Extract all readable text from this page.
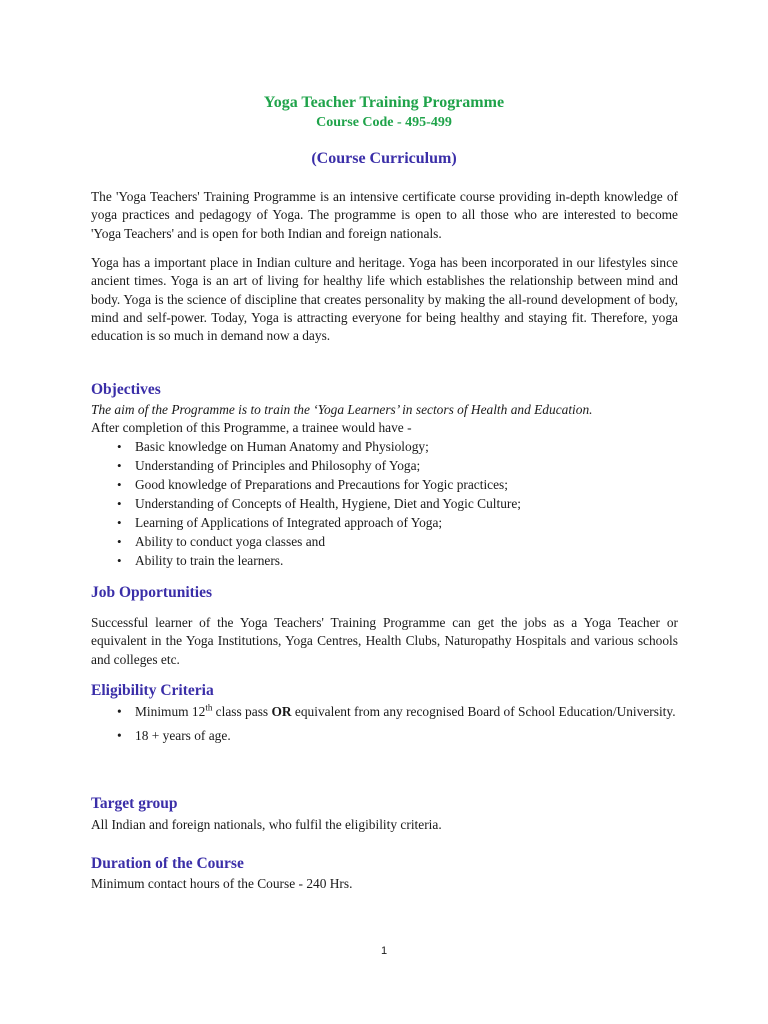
Yoga Teacher Training Programme
Course Code - 495-499
(Course Curriculum)

The 'Yoga Teachers' Training Programme is an intensive certificate course providing in-depth knowledge of yoga practices and pedagogy of Yoga. The programme is open to all those who are interested to become 'Yoga Teachers' and is open for both Indian and foreign nationals.

Yoga has a important place in Indian culture and heritage. Yoga has been incorporated in our lifestyles since ancient times. Yoga is an art of living for healthy life which establishes the relationship between mind and body. Yoga is the science of discipline that creates personality by making the all-round development of body, mind and self-power. Today, Yoga is attracting everyone for being healthy and staying fit. Therefore, yoga education is so much in demand now a days.

Objectives

The aim of the Programme is to train the ‘Yoga Learners’ in sectors of Health and Education.

After completion of this Programme, a trainee would have -

• Basic knowledge on Human Anatomy and Physiology;
• Understanding of Principles and Philosophy of Yoga;
• Good knowledge of Preparations and Precautions for Yogic practices;
• Understanding of Concepts of Health, Hygiene, Diet and Yogic Culture;
• Learning of Applications of Integrated approach of Yoga;
• Ability to conduct yoga classes and
• Ability to train the learners.
Job Opportunities

Successful learner of the Yoga Teachers' Training Programme can get the jobs as a Yoga Teacher or equivalent in the Yoga Institutions, Yoga Centres, Health Clubs, Naturopathy Hospitals and various schools and colleges etc.

Eligibility Criteria
• Minimum 12th class pass OR equivalent from any recognised Board of School Education/University.
• 18 + years of age.
Target group

All Indian and foreign nationals, who fulfil the eligibility criteria.

Duration of the Course

Minimum contact hours of the Course - 240 Hrs.

1
